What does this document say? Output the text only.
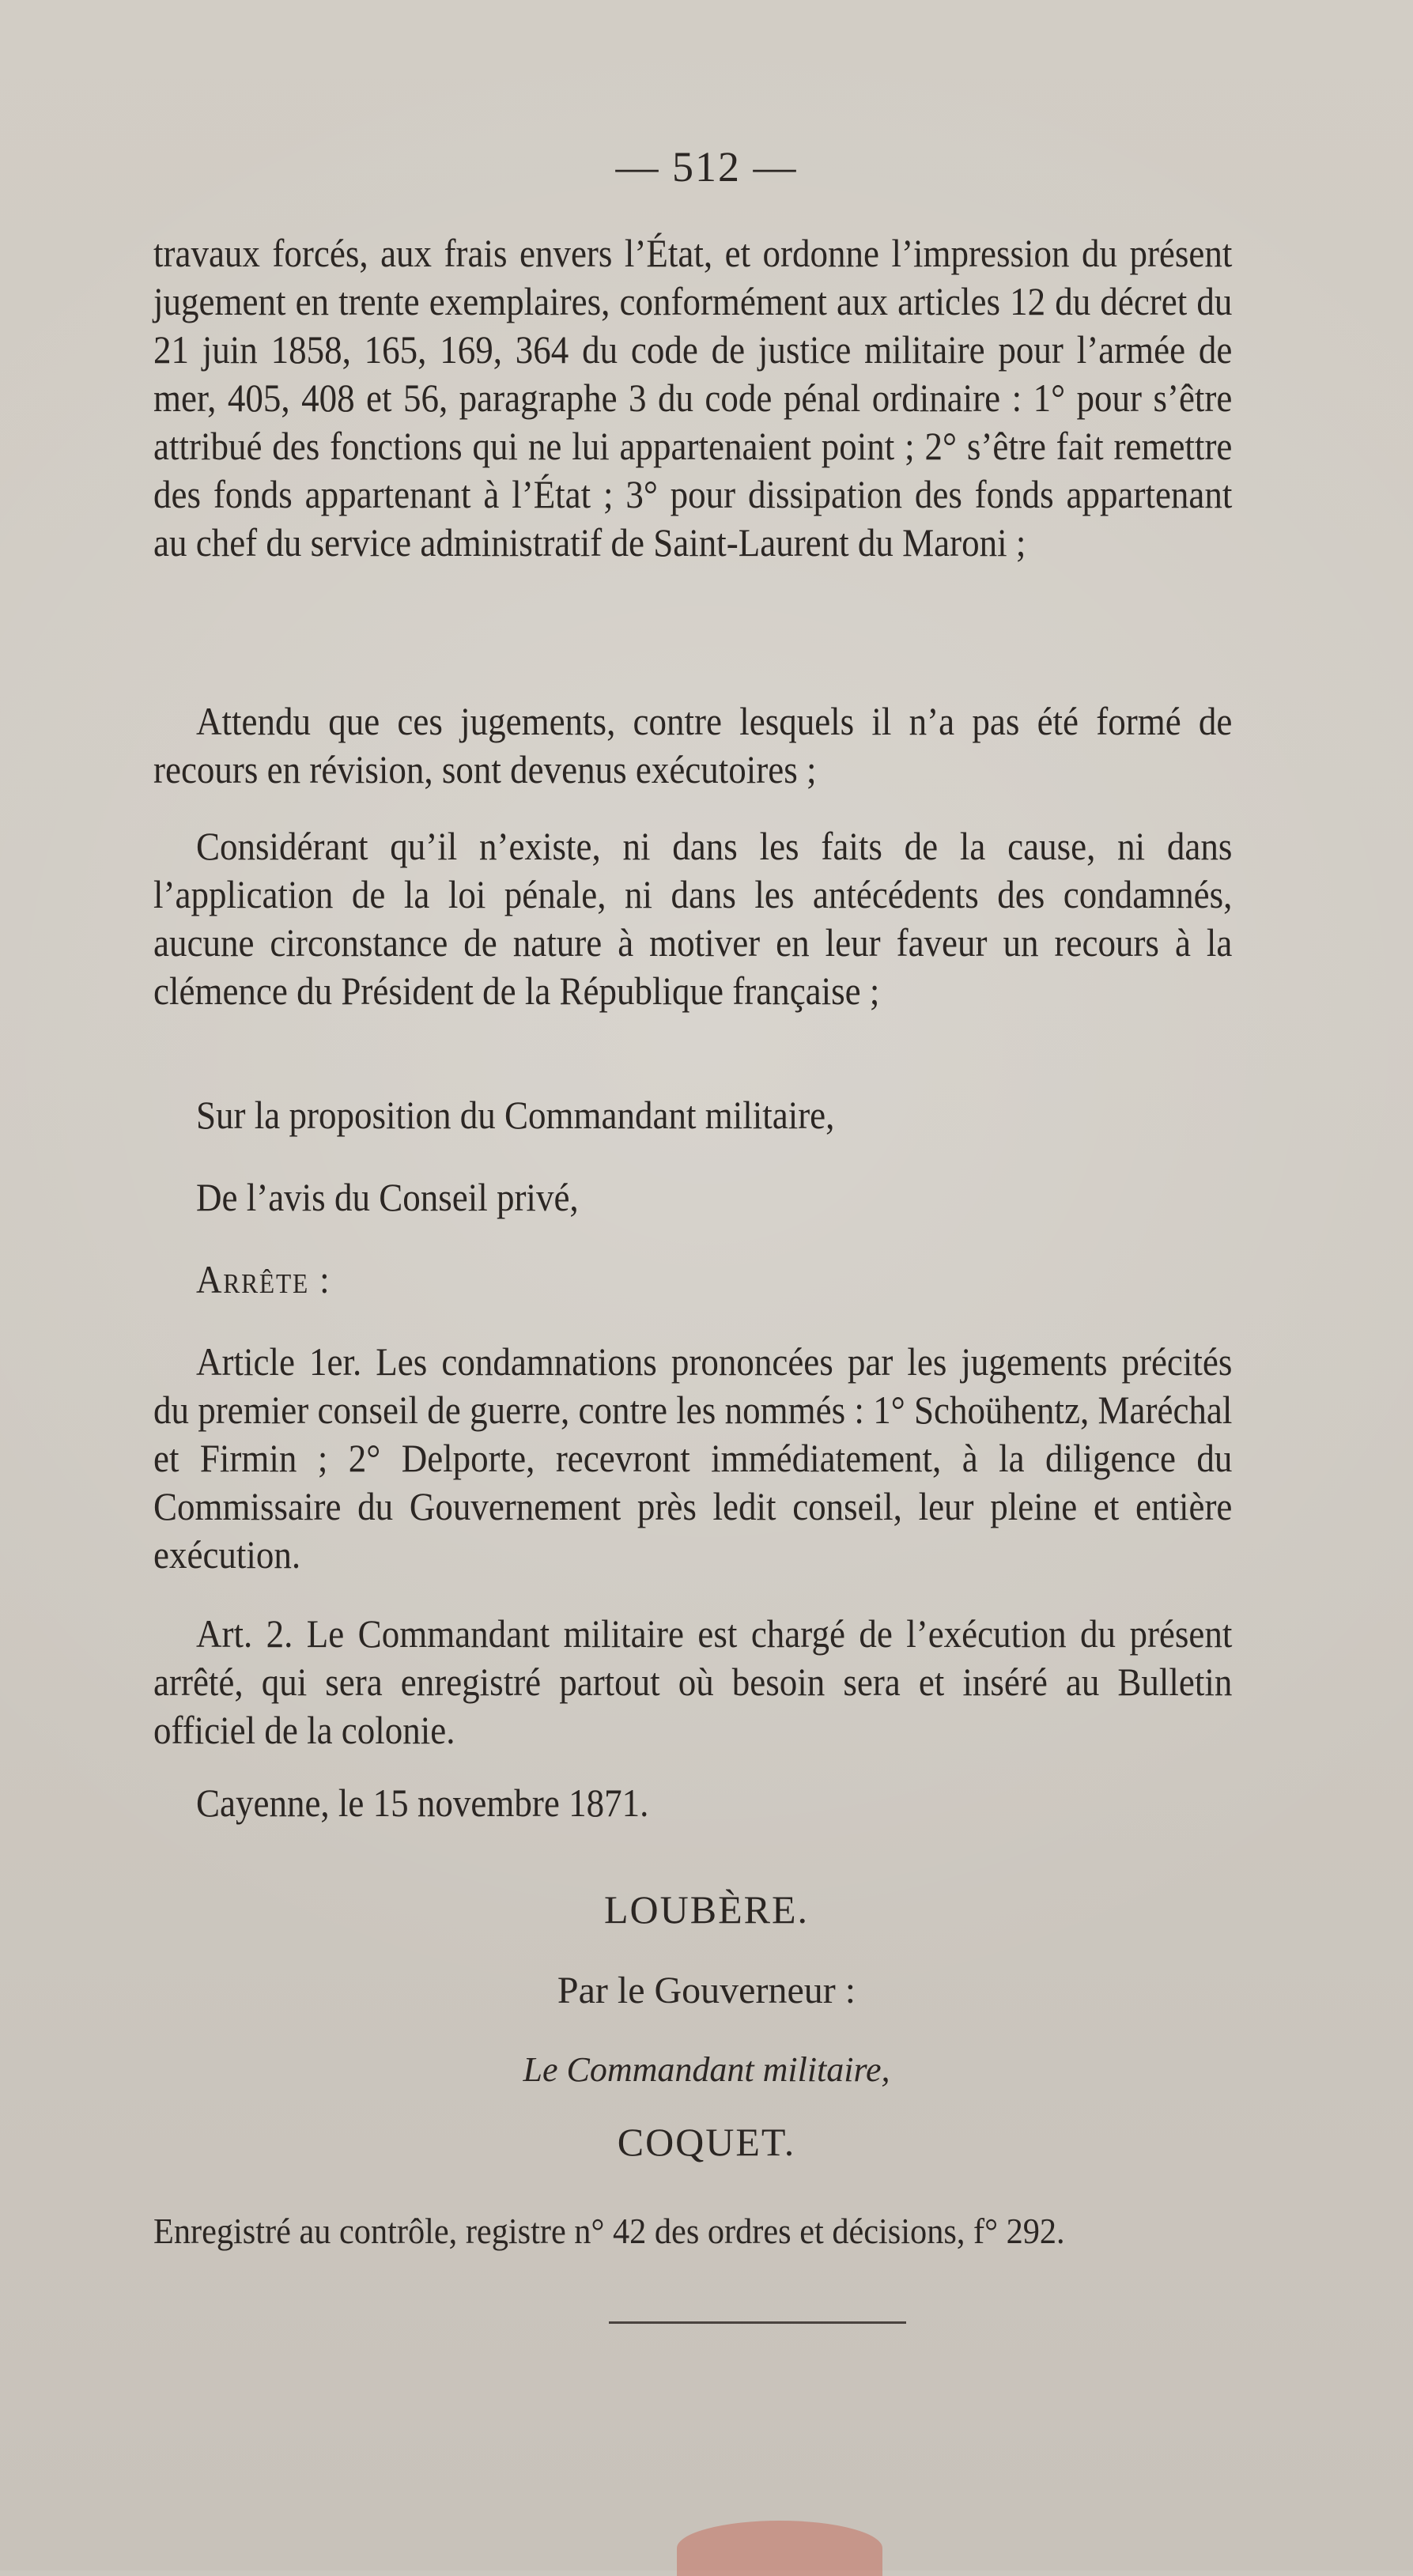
— 512 —

travaux forcés, aux frais envers l’État, et ordonne l’impression du présent jugement en trente exemplaires, conformément aux articles 12 du décret du 21 juin 1858, 165, 169, 364 du code de justice militaire pour l’armée de mer, 405, 408 et 56, paragraphe 3 du code pénal ordinaire : 1° pour s’être attribué des fonctions qui ne lui appartenaient point ; 2° s’être fait remettre des fonds appartenant à l’État ; 3° pour dissipation des fonds appartenant au chef du service administratif de Saint-Laurent du Maroni ;

Attendu que ces jugements, contre lesquels il n’a pas été formé de recours en révision, sont devenus exécutoires ;

Considérant qu’il n’existe, ni dans les faits de la cause, ni dans l’application de la loi pénale, ni dans les antécédents des condamnés, aucune circonstance de nature à motiver en leur faveur un recours à la clémence du Président de la République française ;

Sur la proposition du Commandant militaire,

De l’avis du Conseil privé,

Arrête :

Article 1er. Les condamnations prononcées par les jugements précités du premier conseil de guerre, contre les nommés : 1° Schoühentz, Maréchal et Firmin ; 2° Delporte, recevront immédiatement, à la diligence du Commissaire du Gouvernement près ledit conseil, leur pleine et entière exécution.

Art. 2. Le Commandant militaire est chargé de l’exécution du présent arrêté, qui sera enregistré partout où besoin sera et inséré au Bulletin officiel de la colonie.

Cayenne, le 15 novembre 1871.

LOUBÈRE.
Par le Gouverneur :
Le Commandant militaire,
COQUET.
Enregistré au contrôle, registre n° 42 des ordres et décisions, f° 292.
